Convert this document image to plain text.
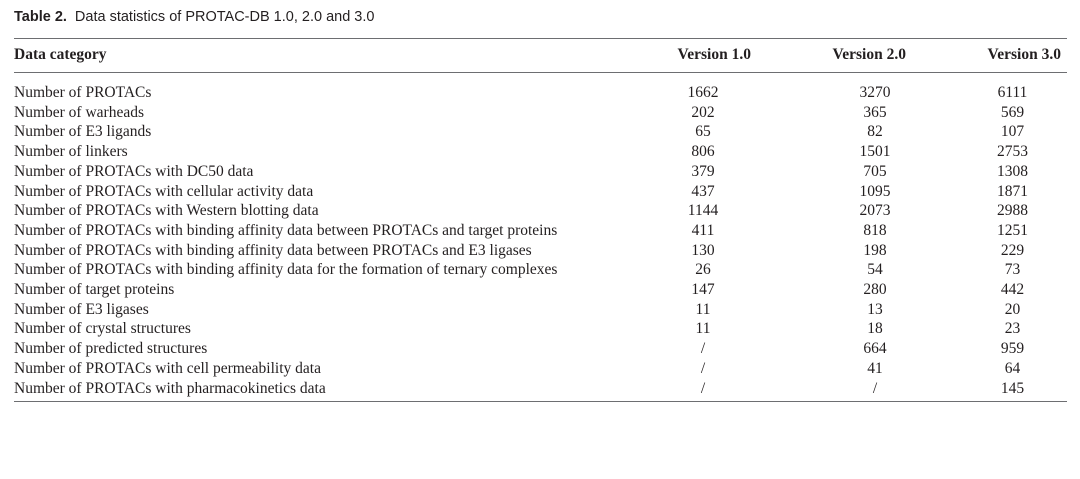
Table 2. Data statistics of PROTAC-DB 1.0, 2.0 and 3.0
Data category	Version 1.0	Version 2.0	Version 3.0
Number of PROTACs	1662	3270	6111
Number of warheads	202	365	569
Number of E3 ligands	65	82	107
Number of linkers	806	1501	2753
Number of PROTACs with DC50 data	379	705	1308
Number of PROTACs with cellular activity data	437	1095	1871
Number of PROTACs with Western blotting data	1144	2073	2988
Number of PROTACs with binding affinity data between PROTACs and target proteins	411	818	1251
Number of PROTACs with binding affinity data between PROTACs and E3 ligases	130	198	229
Number of PROTACs with binding affinity data for the formation of ternary complexes	26	54	73
Number of target proteins	147	280	442
Number of E3 ligases	11	13	20
Number of crystal structures	11	18	23
Number of predicted structures	/	664	959
Number of PROTACs with cell permeability data	/	41	64
Number of PROTACs with pharmacokinetics data	/	/	145
